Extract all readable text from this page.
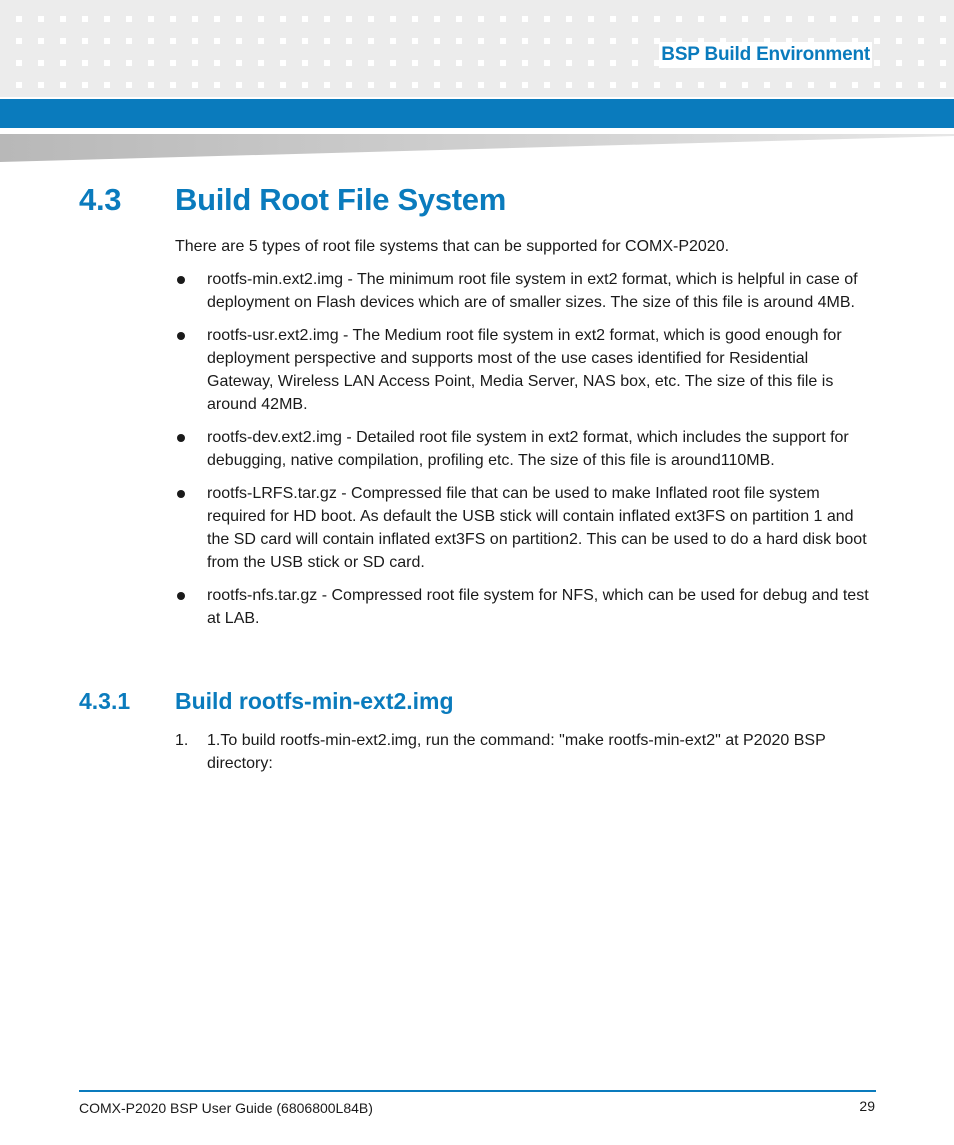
BSP Build Environment
4.3 Build Root File System

There are 5 types of root file systems that can be supported for COMX-P2020.

rootfs-min.ext2.img - The minimum root file system in ext2 format, which is helpful in case of deployment on Flash devices which are of smaller sizes. The size of this file is around 4MB.
rootfs-usr.ext2.img - The Medium root file system in ext2 format, which is good enough for deployment perspective and supports most of the use cases identified for Residential Gateway, Wireless LAN Access Point, Media Server, NAS box, etc. The size of this file is around 42MB.
rootfs-dev.ext2.img - Detailed root file system in ext2 format, which includes the support for debugging, native compilation, profiling etc. The size of this file is around110MB.
rootfs-LRFS.tar.gz - Compressed file that can be used to make Inflated root file system required for HD boot. As default the USB stick will contain inflated ext3FS on partition 1 and the SD card will contain inflated ext3FS on partition2. This can be used to do a hard disk boot from the USB stick or SD card.
rootfs-nfs.tar.gz - Compressed root file system for NFS, which can be used for debug and test at LAB.
4.3.1 Build rootfs-min-ext2.img
1. 1.To build rootfs-min-ext2.img, run the command: "make rootfs-min-ext2" at P2020 BSP directory:
COMX-P2020 BSP User Guide (6806800L84B)	29
